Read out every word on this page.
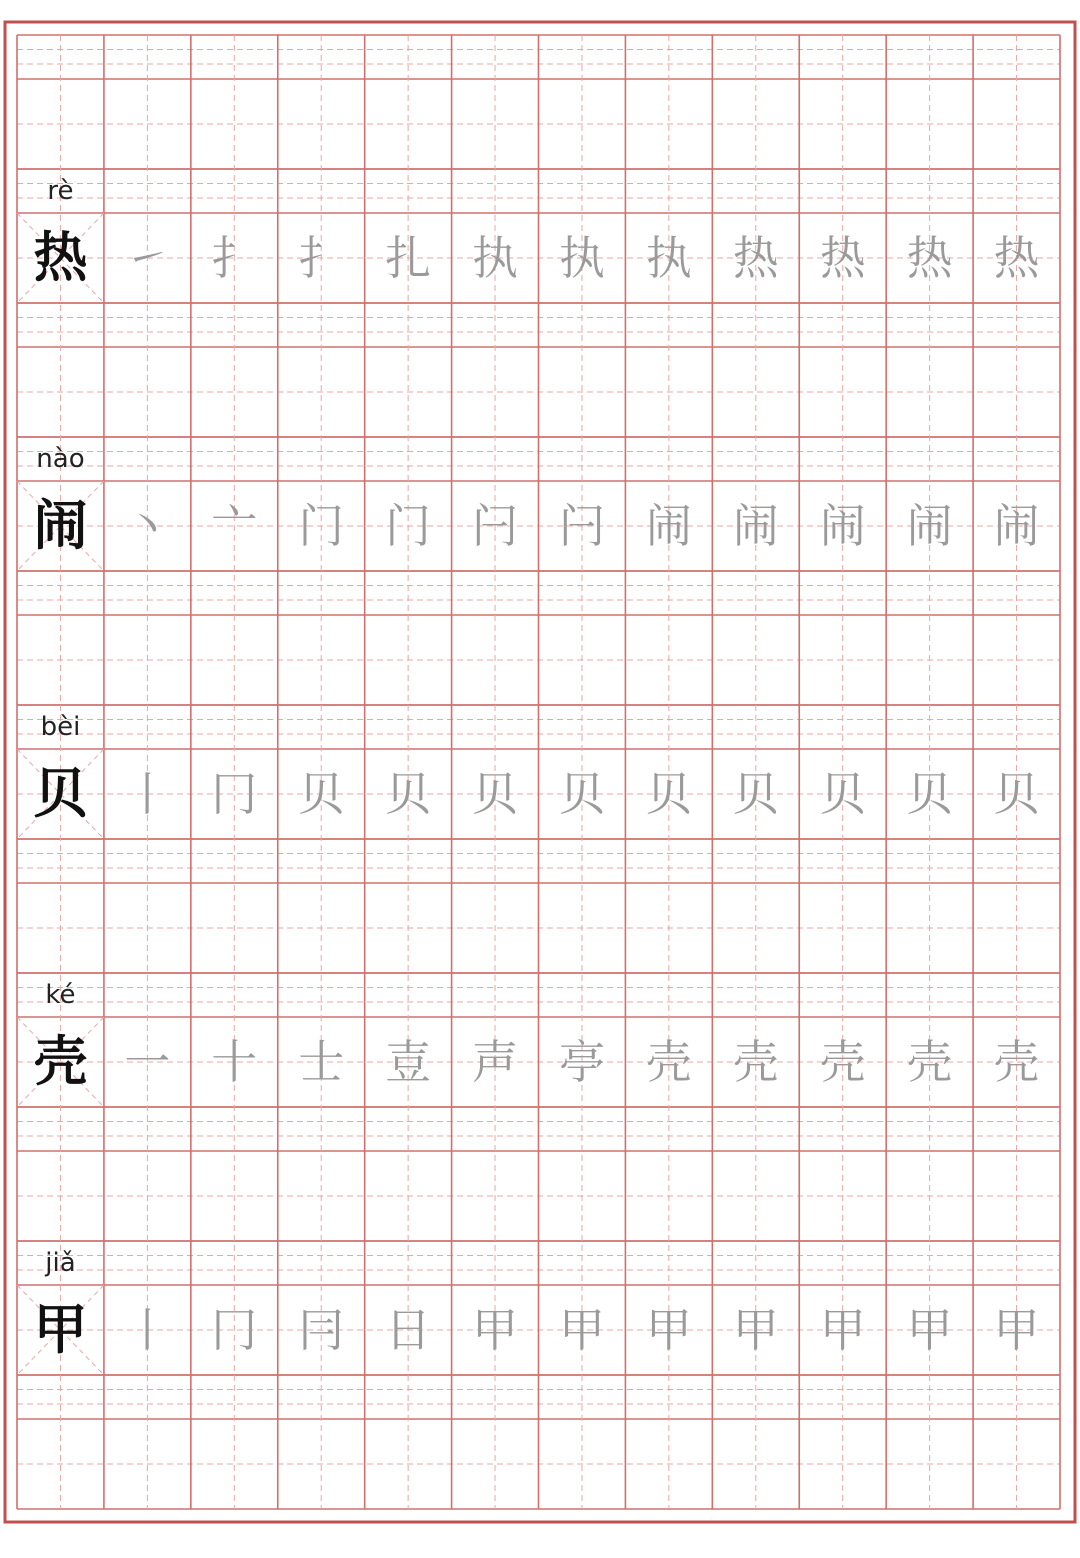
rè
热 ㇀ 扌 扌 扎 执 执 执 热 热 热 热
nào
闹 丶 亠 门 门 闩 闩 闹 闹 闹 闹 闹
bèi
贝 丨 冂 贝 贝 贝 贝 贝 贝 贝 贝 贝
ké
壳 一 十 士 壴 声 亭 壳 壳 壳 壳 壳
jiǎ
甲 丨 冂 冃 日 甲 甲 甲 甲 甲 甲 甲
